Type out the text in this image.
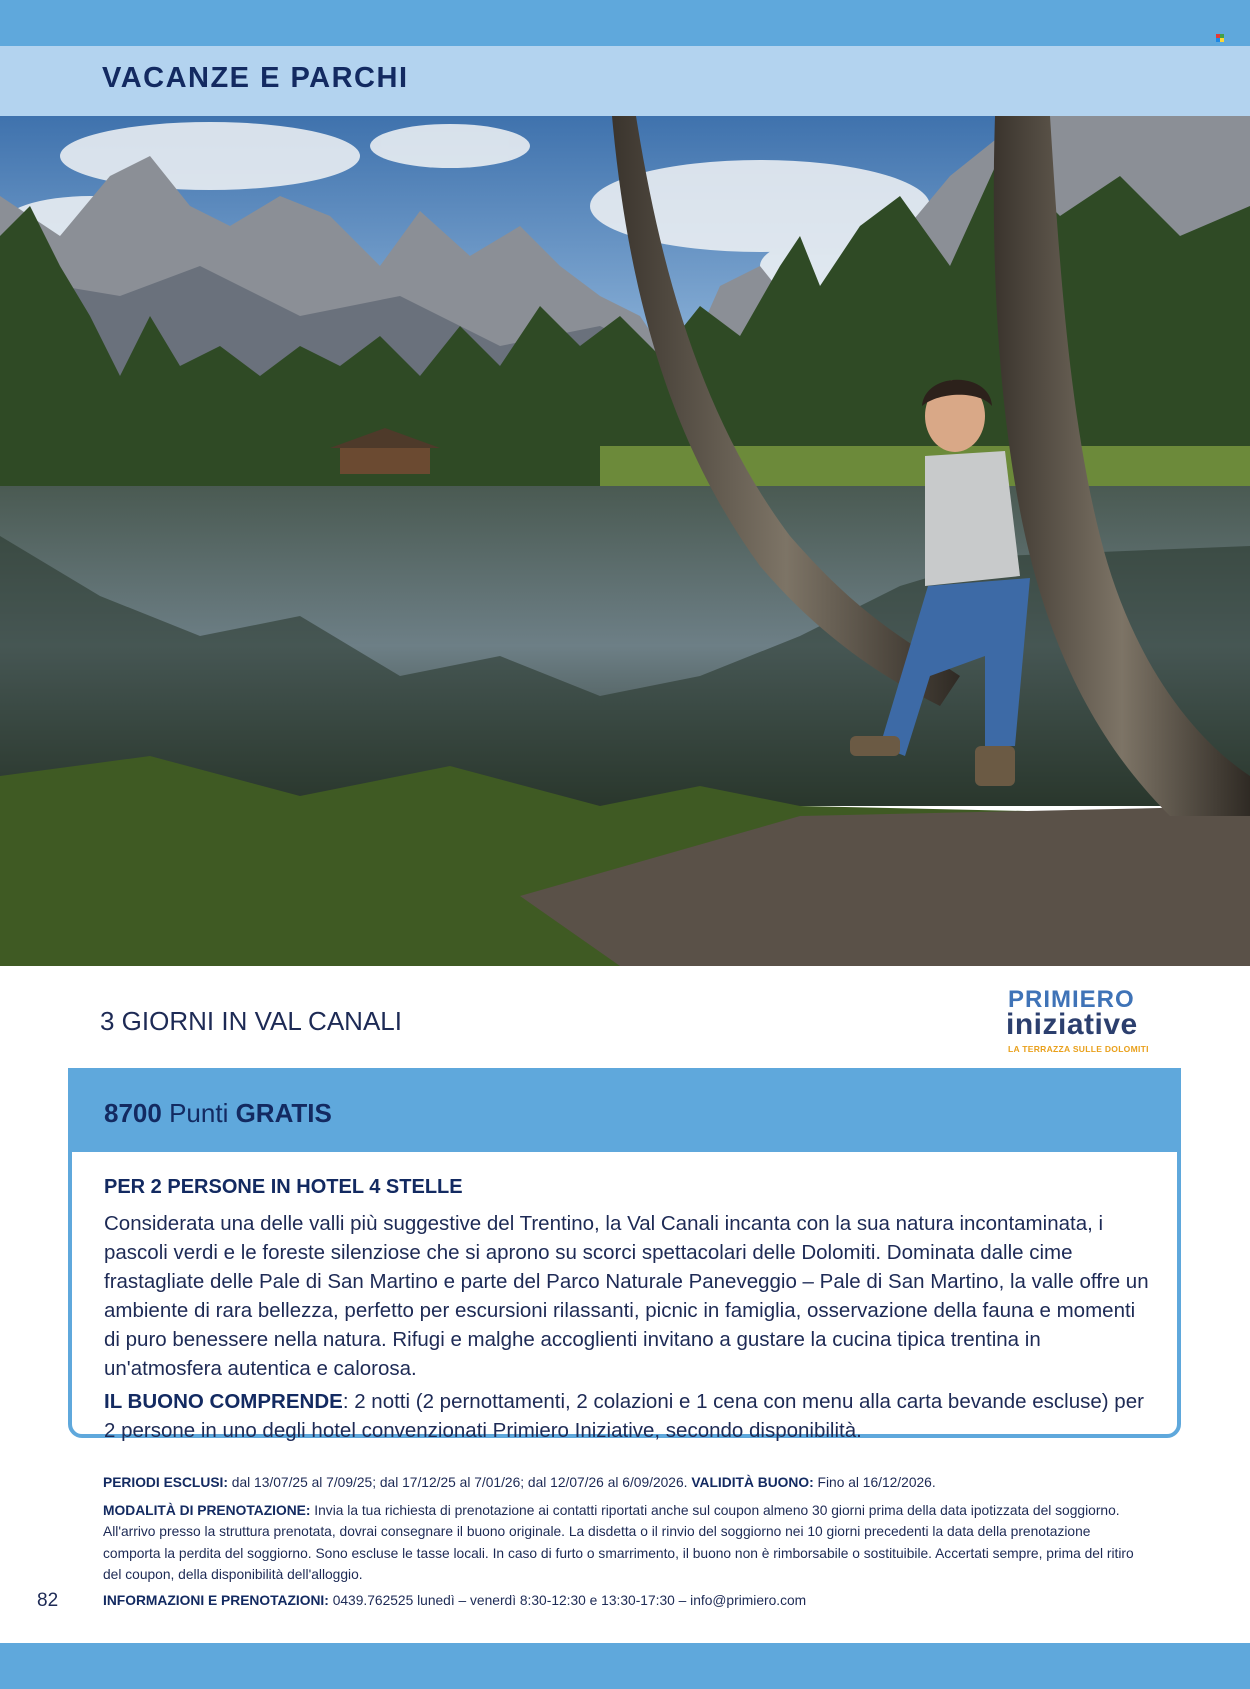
VACANZE E PARCHI
3 GIORNI IN VAL CANALI
PRIMIERO
iniziative
LA TERRAZZA SULLE DOLOMITI
8700 Punti GRATIS

PER 2 PERSONE IN HOTEL 4 STELLE

Considerata una delle valli più suggestive del Trentino, la Val Canali incanta con la sua natura incontaminata, i pascoli verdi e le foreste silenziose che si aprono su scorci spettacolari delle Dolomiti. Dominata dalle cime frastagliate delle Pale di San Martino e parte del Parco Naturale Paneveggio – Pale di San Martino, la valle offre un ambiente di rara bellezza, perfetto per escursioni rilassanti, picnic in famiglia, osservazione della fauna e momenti di puro benessere nella natura. Rifugi e malghe accoglienti invitano a gustare la cucina tipica trentina in un'atmosfera autentica e calorosa.

IL BUONO COMPRENDE: 2 notti (2 pernottamenti, 2 colazioni e 1 cena con menu alla carta bevande escluse) per 2 persone in uno degli hotel convenzionati Primiero Iniziative, secondo disponibilità.

PERIODI ESCLUSI: dal 13/07/25 al 7/09/25; dal 17/12/25 al 7/01/26; dal 12/07/26 al 6/09/2026. VALIDITÀ BUONO: Fino al 16/12/2026.

MODALITÀ DI PRENOTAZIONE: Invia la tua richiesta di prenotazione ai contatti riportati anche sul coupon almeno 30 giorni prima della data ipotizzata del soggiorno. All'arrivo presso la struttura prenotata, dovrai consegnare il buono originale. La disdetta o il rinvio del soggiorno nei 10 giorni precedenti la data della prenotazione comporta la perdita del soggiorno. Sono escluse le tasse locali. In caso di furto o smarrimento, il buono non è rimborsabile o sostituibile. Accertati sempre, prima del ritiro del coupon, della disponibilità dell'alloggio.

82	INFORMAZIONI E PRENOTAZIONI: 0439.762525 lunedì – venerdì 8:30-12:30 e 13:30-17:30 – info@primiero.com
